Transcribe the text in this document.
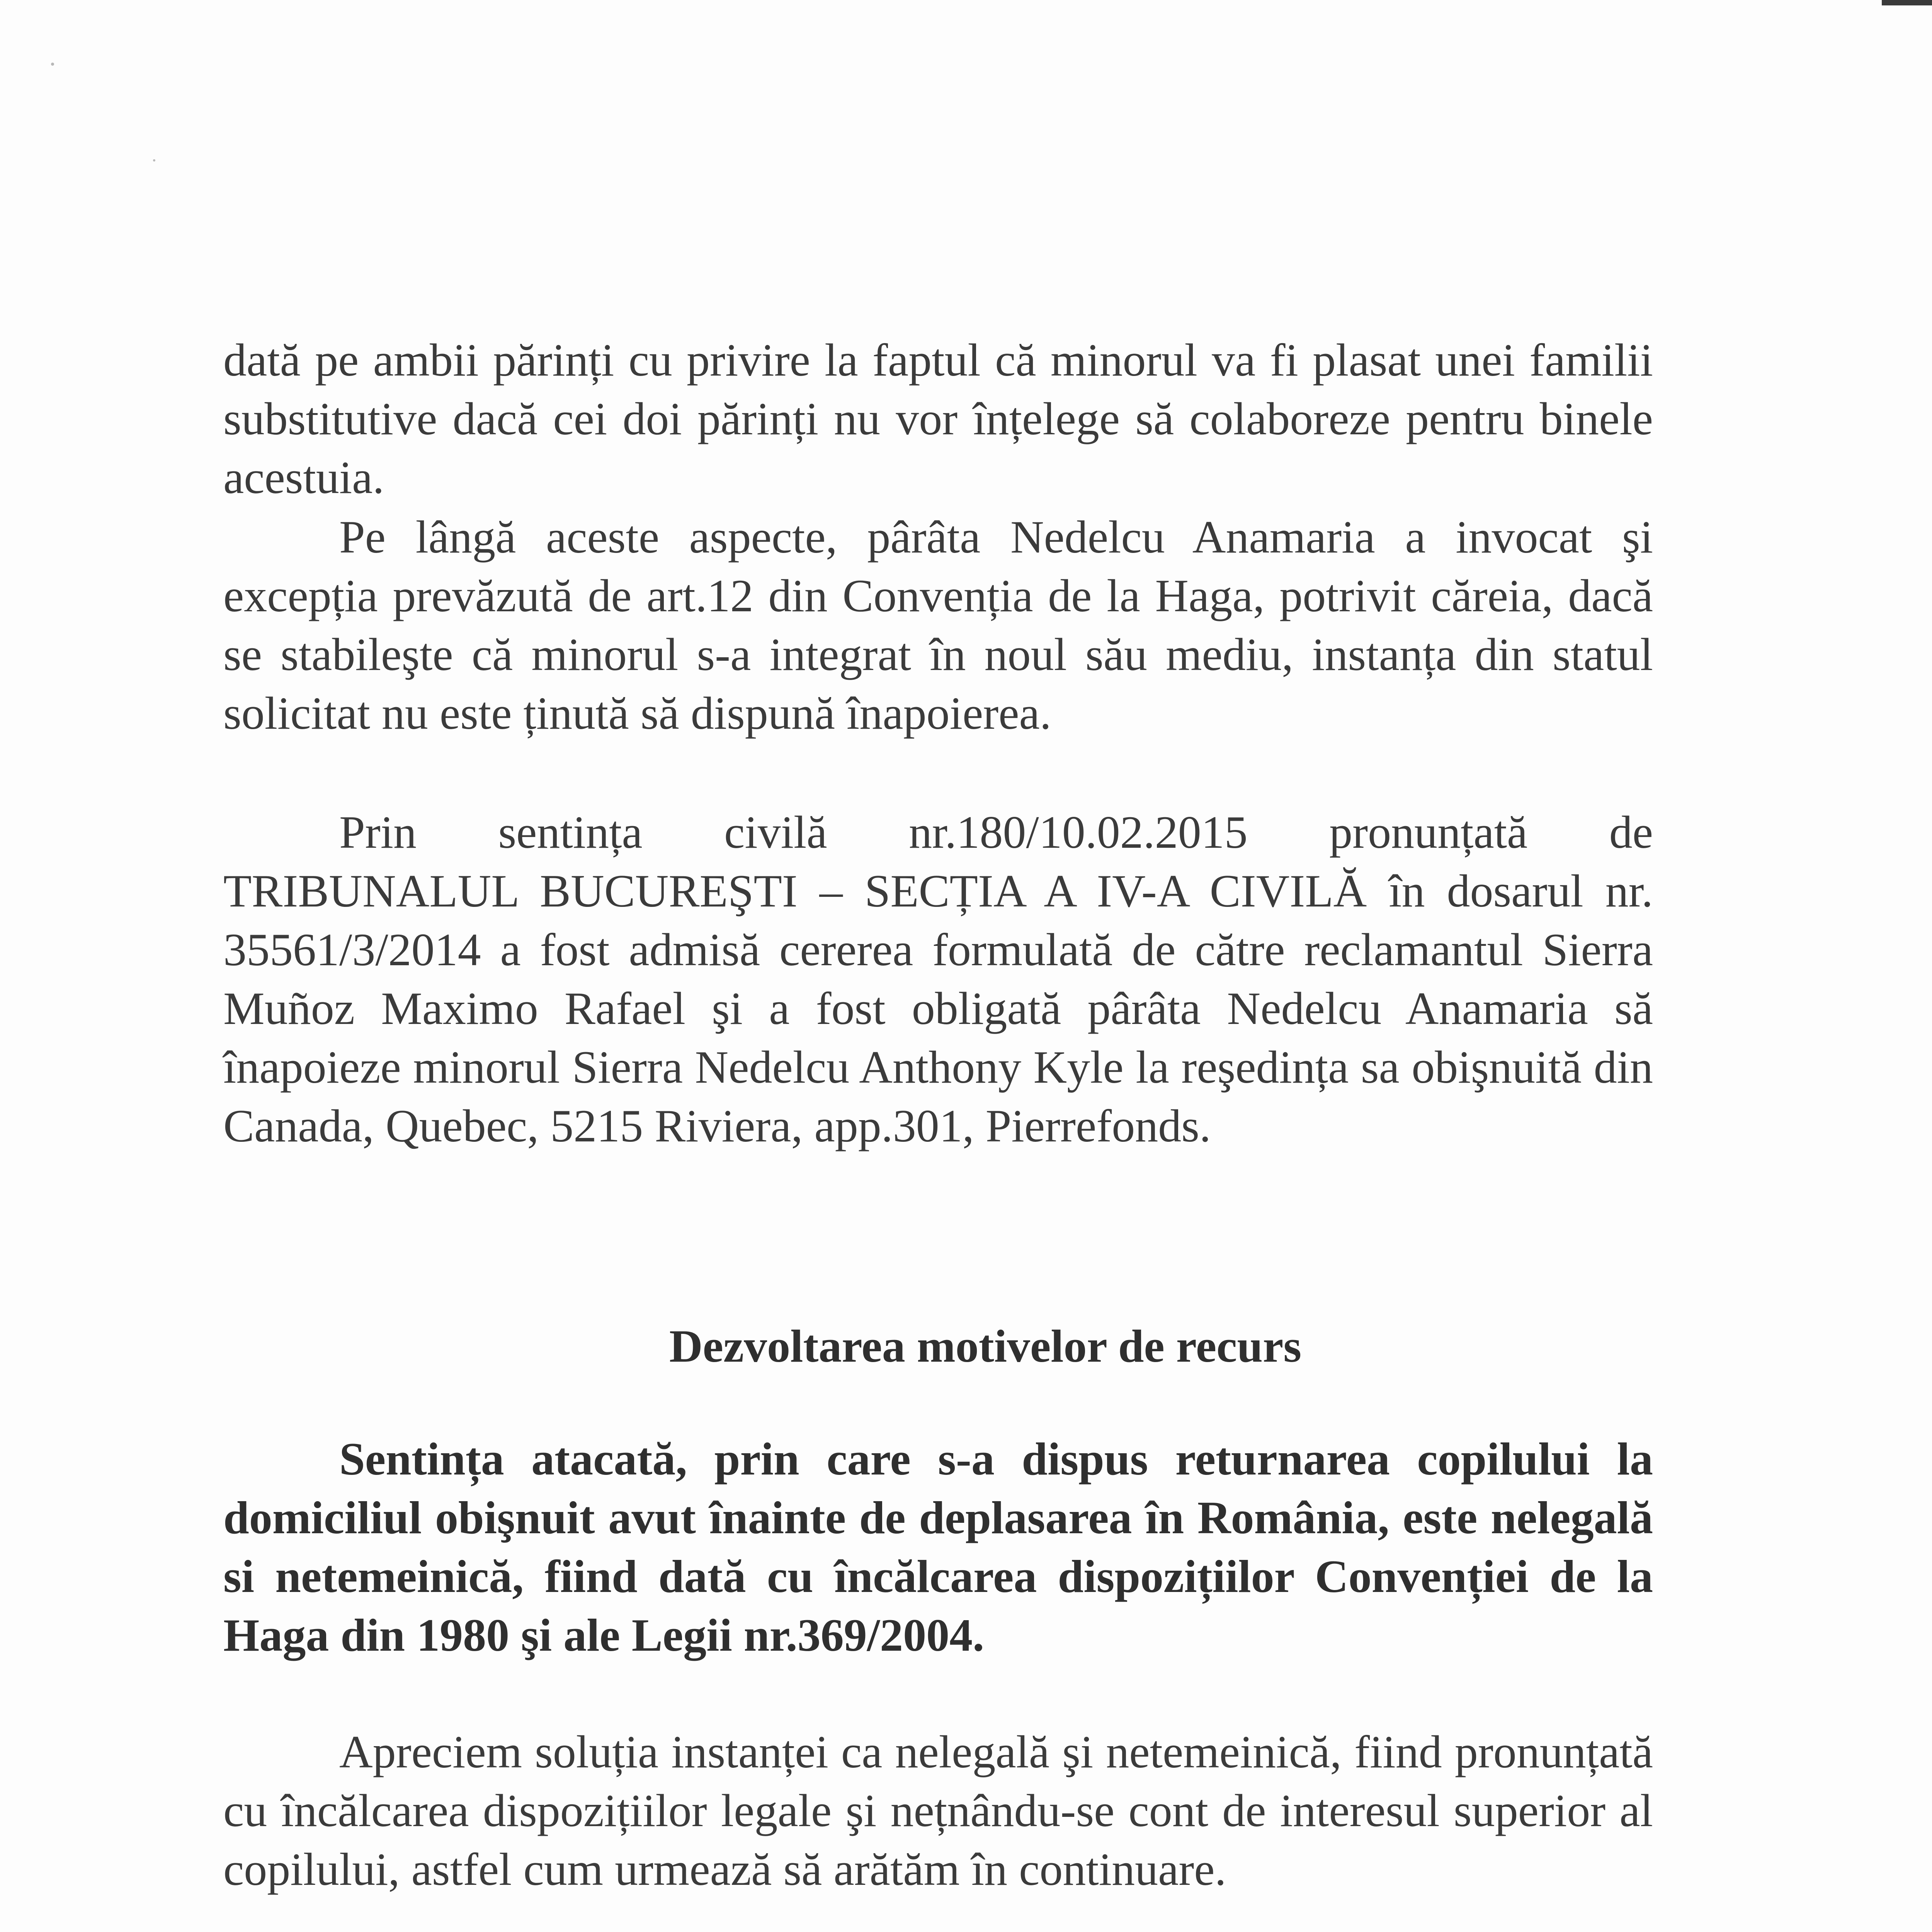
dată pe ambii părinți cu privire la faptul că minorul va fi plasat unei familii substitutive dacă cei doi părinți nu vor înțelege să colaboreze pentru binele acestuia.

Pe lângă aceste aspecte, pârâta Nedelcu Anamaria a invocat şi excepția prevăzută de art.12 din Convenția de la Haga, potrivit căreia, dacă se stabileşte că minorul s-a integrat în noul său mediu, instanța din statul solicitat nu este ținută să dispună înapoierea.

Prin sentința civilă nr.180/10.02.2015 pronunțată de

TRIBUNALUL BUCUREŞTI – SECȚIA A IV-A CIVILĂ în dosarul nr. 35561/3/2014 a fost admisă cererea formulată de către reclamantul Sierra Muñoz Maximo Rafael şi a fost obligată pârâta Nedelcu Anamaria să înapoieze minorul Sierra Nedelcu Anthony Kyle la reşedința sa obişnuită din Canada, Quebec, 5215 Riviera, app.301, Pierrefonds.

Dezvoltarea motivelor de recurs

Sentința atacată, prin care s-a dispus returnarea copilului la domiciliul obişnuit avut înainte de deplasarea în România, este nelegală si netemeinică, fiind dată cu încălcarea dispozițiilor Convenției de la Haga din 1980 şi ale Legii nr.369/2004.

Apreciem soluția instanței ca nelegală şi netemeinică, fiind pronunțată cu încălcarea dispozițiilor legale şi nețnându-se cont de interesul superior al copilului, astfel cum urmează să arătăm în continuare.
